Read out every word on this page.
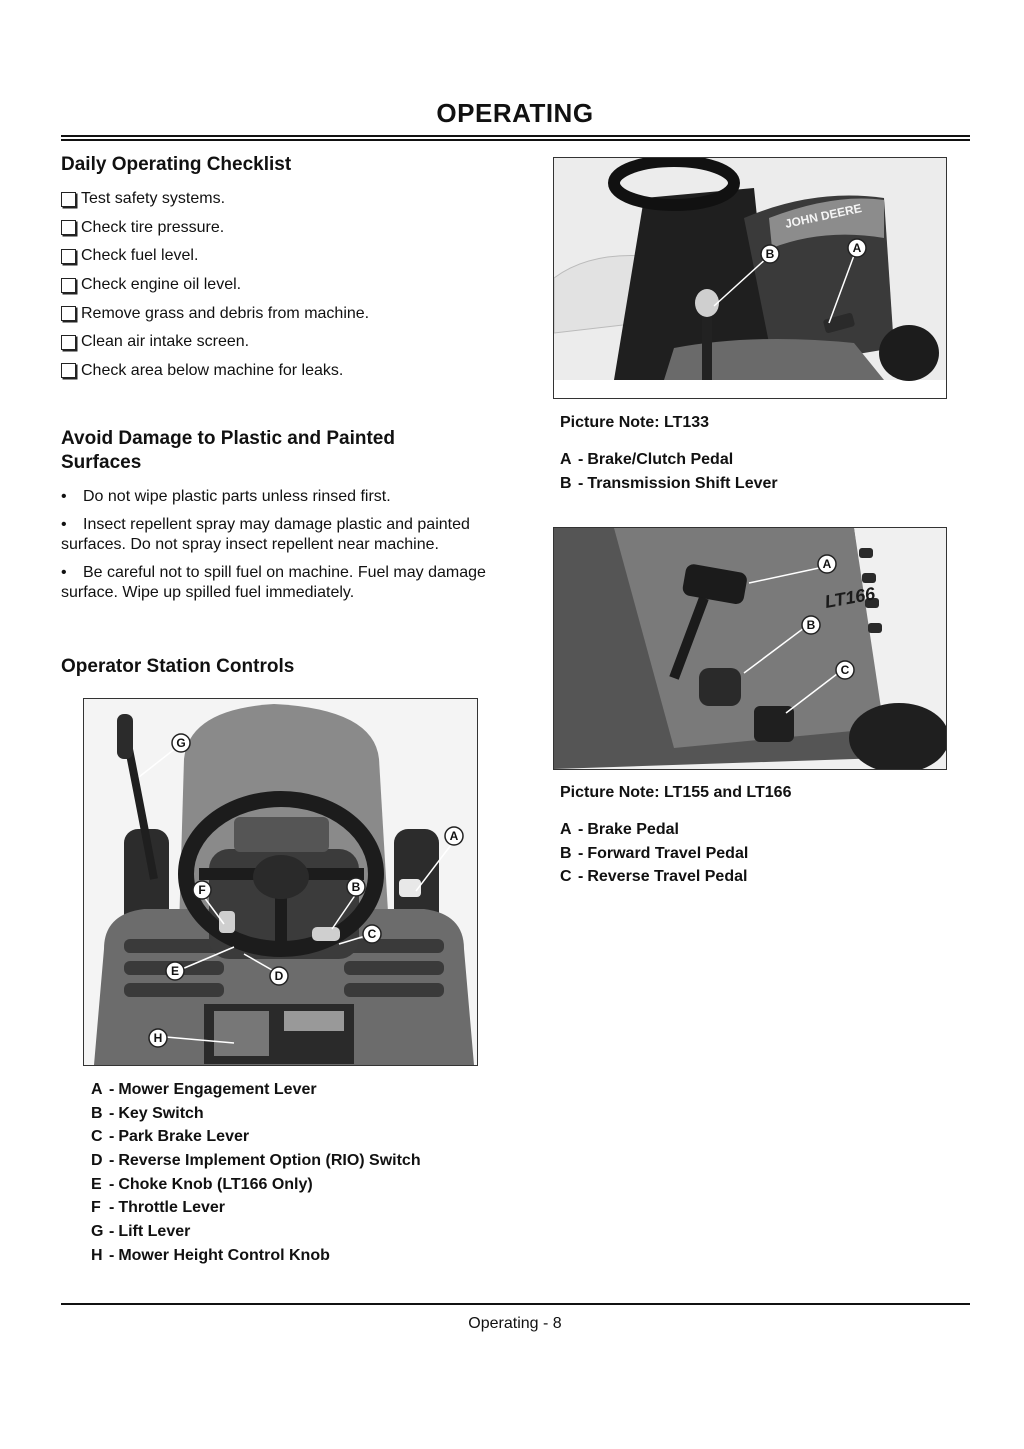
OPERATING
Daily Operating Checklist
Test safety systems.
Check tire pressure.
Check fuel level.
Check engine oil level.
Remove grass and debris from machine.
Clean air intake screen.
Check area below machine for leaks.
Avoid Damage to Plastic and Painted
Surfaces
• Do not wipe plastic parts unless rinsed first.
• Insect repellent spray may damage plastic and painted surfaces. Do not spray insect repellent near machine.
• Be careful not to spill fuel on machine. Fuel may damage surface. Wipe up spilled fuel immediately.
Operator Station Controls
G
A
F	B
C
E	D
H
A - Mower Engagement Lever
B - Key Switch
C - Park Brake Lever
D - Reverse Implement Option (RIO) Switch
E - Choke Knob (LT166 Only)
F - Throttle Lever
G - Lift Lever
H - Mower Height Control Knob
JOHN DEERE
B	A
Picture Note: LT133
A - Brake/Clutch Pedal
B - Transmission Shift Lever
LT166
A
B
C
Picture Note: LT155 and LT166
A - Brake Pedal
B - Forward Travel Pedal
C - Reverse Travel Pedal
Operating - 8
